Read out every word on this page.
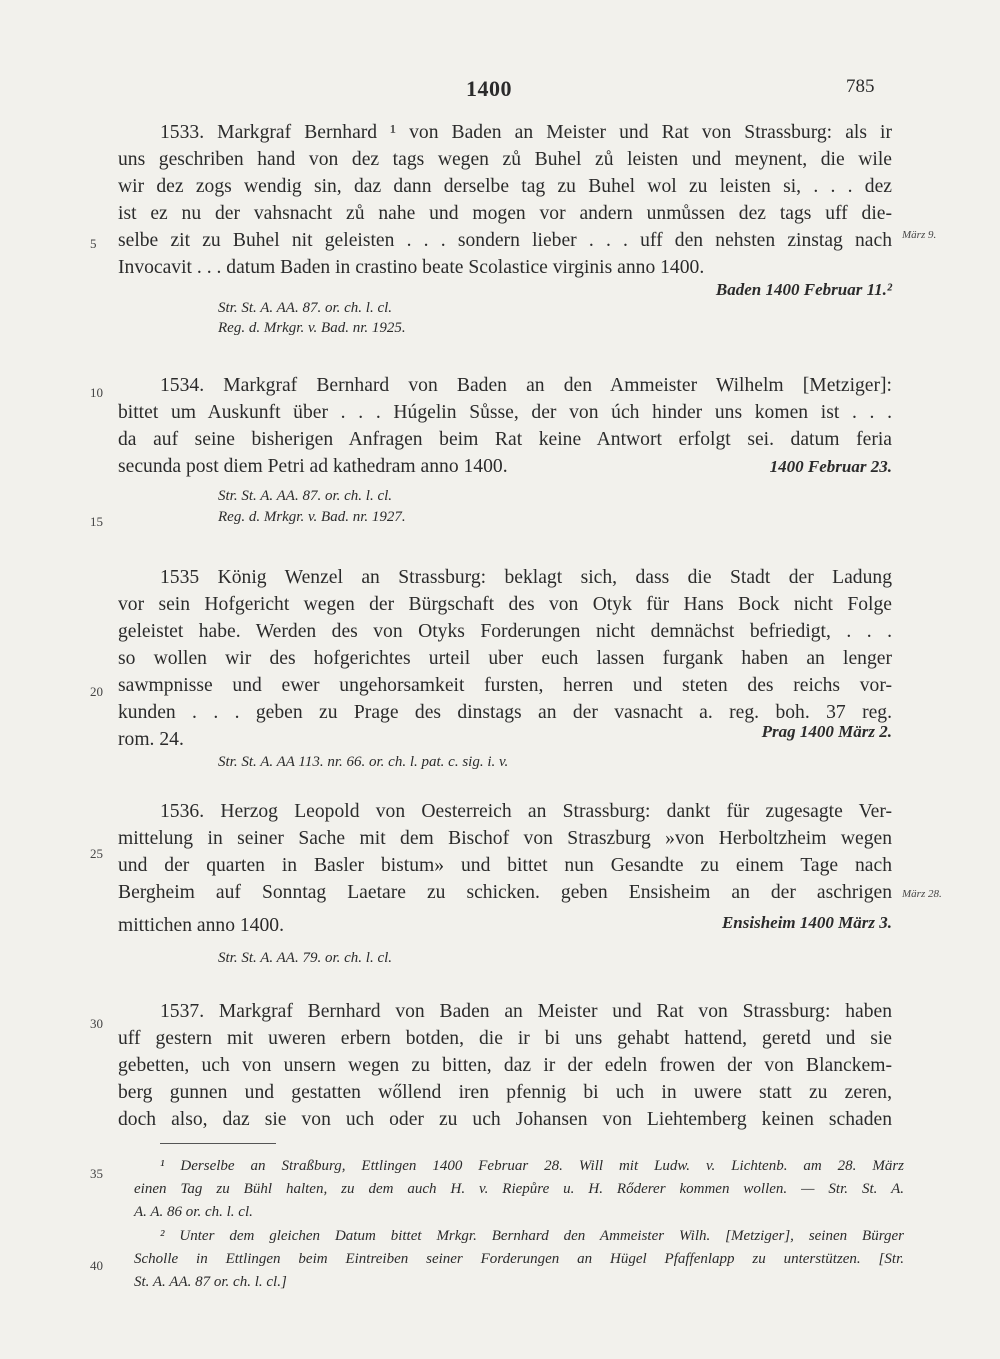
1400	785
5
10
15
20
25
30
35
40
März 9.
März 28.
1533. Markgraf Bernhard ¹ von Baden an Meister und Rat von Strassburg: als ir
uns geschriben hand von dez tags wegen zů Buhel zů leisten und meynent, die wile
wir dez zogs wendig sin, daz dann derselbe tag zu Buhel wol zu leisten si, . . . dez
ist ez nu der vahsnacht zů nahe und mogen vor andern unmůssen dez tags uff die-
selbe zit zu Buhel nit geleisten . . . sondern lieber . . . uff den nehsten zinstag nach
Invocavit . . . datum Baden in crastino beate Scolastice virginis anno 1400.
Baden 1400 Februar 11.²
Str. St. A. AA. 87. or. ch. l. cl.
Reg. d. Mrkgr. v. Bad. nr. 1925.
1534. Markgraf Bernhard von Baden an den Ammeister Wilhelm [Metziger]:
bittet um Auskunft über . . . Húgelin Sůsse, der von úch hinder uns komen ist . . .
da auf seine bisherigen Anfragen beim Rat keine Antwort erfolgt sei. datum feria
secunda post diem Petri ad kathedram anno 1400.	1400 Februar 23.
Str. St. A. AA. 87. or. ch. l. cl.
Reg. d. Mrkgr. v. Bad. nr. 1927.
1535 König Wenzel an Strassburg: beklagt sich, dass die Stadt der Ladung
vor sein Hofgericht wegen der Bürgschaft des von Otyk für Hans Bock nicht Folge
geleistet habe. Werden des von Otyks Forderungen nicht demnächst befriedigt, . . .
so wollen wir des hofgerichtes urteil uber euch lassen furgank haben an lenger
sawmpnisse und ewer ungehorsamkeit fursten, herren und steten des reichs vor-
kunden . . . geben zu Prage des dinstags an der vasnacht a. reg. boh. 37 reg.
rom. 24.	Prag 1400 März 2.
Str. St. A. AA 113. nr. 66. or. ch. l. pat. c. sig. i. v.
1536. Herzog Leopold von Oesterreich an Strassburg: dankt für zugesagte Ver-
mittelung in seiner Sache mit dem Bischof von Straszburg »von Herboltzheim wegen
und der quarten in Basler bistum» und bittet nun Gesandte zu einem Tage nach
Bergheim auf Sonntag Laetare zu schicken. geben Ensisheim an der aschrigen
mittichen anno 1400.	Ensisheim 1400 März 3.
Str. St. A. AA. 79. or. ch. l. cl.
1537. Markgraf Bernhard von Baden an Meister und Rat von Strassburg: haben
uff gestern mit uweren erbern botden, die ir bi uns gehabt hattend, geretd und sie
gebetten, uch von unsern wegen zu bitten, daz ir der edeln frowen der von Blanckem-
berg gunnen und gestatten wőllend iren pfennig bi uch in uwere statt zu zeren,
doch also, daz sie von uch oder zu uch Johansen von Liehtemberg keinen schaden
¹ Derselbe an Straßburg, Ettlingen 1400 Februar 28. Will mit Ludw. v. Lichtenb. am 28. März
einen Tag zu Bühl halten, zu dem auch H. v. Riepůre u. H. Rőderer kommen wollen. — Str. St. A.
A. A. 86 or. ch. l. cl.
² Unter dem gleichen Datum bittet Mrkgr. Bernhard den Ammeister Wilh. [Metziger], seinen Bürger
Scholle in Ettlingen beim Eintreiben seiner Forderungen an Hügel Pfaffenlapp zu unterstützen. [Str.
St. A. AA. 87 or. ch. l. cl.]
